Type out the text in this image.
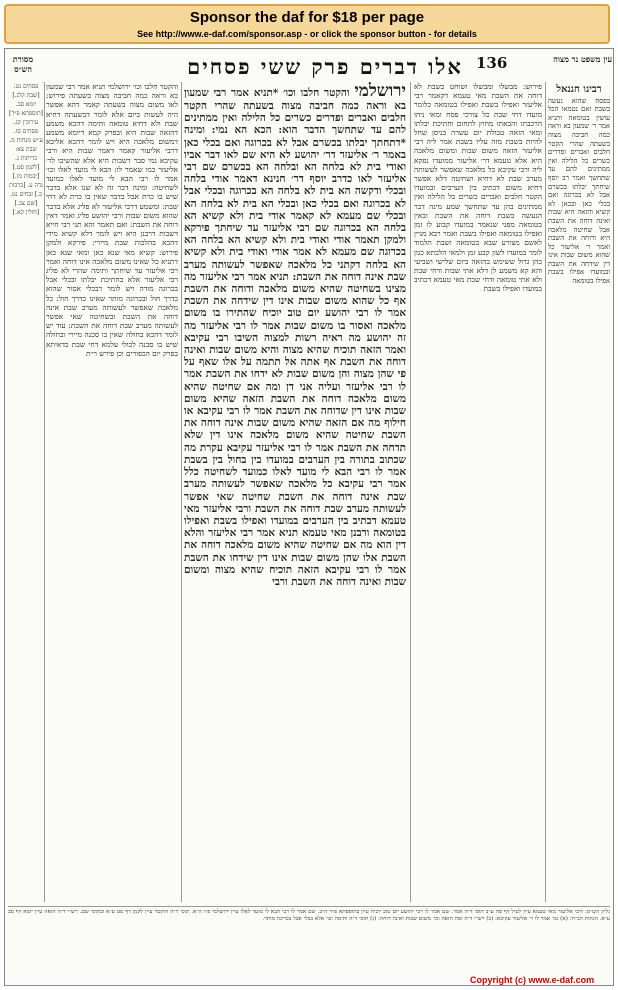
Sponsor the daf for $18 per page
See http://www.e-daf.com/sponsor.asp - or click the sponsor button - for details
עין משפט נר מצוה
136
אלו דברים פרק ששי פסחים
מסורת הש״ס
רבינו חננאל
בפסח שהוא נעשה בשבת ואם נטמאו הכל עושין בטומאה ותניא אמר ר׳ שמעון בא וראה כמה חביבה מצוה בשעתה שהרי הקטר חלבים ואברים ופדרים כשרים כל הלילה ואין ממתינים להם עד שתחשך ואמר רב יוסף שיחתך יבלתו בכשרם אבל לא בכרוגה ואם בכלי כאן ובכאן לא קשיא והזאה היא שבות ואינה דוחה את השבת אבל שחיטה מלאכה היא ודוחה את השבת ואמר ר׳ אליעזר כל שהוא משום שבות אינו דין שידחה את השבת ובמועדו אפילו בשבת אפילו בטומאה
פירוש: מבשלו ומבשלו ושוחט בשבת לא דוחה את השבת מאי טעמא דקאמר רבי אליעזר ואפילו בשבת ואפילו בטומאה כלומר מועדו דחי שבת כל צורכי פסח ומאי ניהו הרכבתו והבאתו מחוץ לתחום וחתיכת יבלתו ומאי הזאה טבולת יום עשרה בניסן שחל להיות בשבת מזה עליו בשבת אמר ליה רבי אליעזר הזאה משום שבות ומשום מלאכה היא אלא טעמא דר׳ אליעזר ממועדו נפקא ליה ורבי עקיבא כל מלאכה שאפשר לעשותה מערב שבת לא דחיא ושחיטה דלא אפשר דחיא משום דכתיב בין הערבים ובמועדו הקטר חלבים ואברים כשרים כל הלילה ואין ממתינים בהן עד שתחשך שמע מינה דבר הנעשה בשבת דוחה את השבת ובאין בטומאה מפני שנאמר במועדו קבוע לו זמן ואפילו בטומאה ואפילו בשבת ואמר רבא מניין לאשם מצורע שבא בטומאה ושבת תלמוד לומר במועדו לשון קבע זמן ולמאי הלכתא כגון כהן גדול ששימש בהזאה ביום שלישי ושביעי והא קא משמע לן דלא אתי שבות ודחי שבת ולא אתי טומאה ודחי שבת מאי טעמא דכתיב במועדו ואפילו בשבת
ירושלמי והקטר חלבו וכו׳ *תניא אמר רבי שמעון בא וראה כמה חביבה מצוה בשעתה שהרי הקטר חלבים ואברים ופדרים כשרים כל הלילה ואין ממתינים להם עד שתחשך הדבר הוא: הכא הא נמי: ומינה *דתחתך יבלתו בכשרם אבל לא בכרוגה ואם בכלי כאן באמר ר׳ אליעזר דר׳ יהושע לא היא שם לאו דבר אביו ואודי בית לא בלחה הא ובלחה הא בכשרם שם רבי אליעזר לאו כדרב יוסף דר׳ חנינא דאמר אודי בלחה ובכלי ודקשה הא בית לא בלחה הא בכרוגה ובכלי אבל לא בכרוגה ואם בכלי כאן ובכלי הא בית לא בלחה הא ובכלי שם מעמא לא קאמר אודי בית ולא קשיא הא בלחה הא בכרוגה שם רבי אליעזר עד שיחתך פירקא ולמקן תאמר אודי ואודי בית ולא קשיא הא בלחה הא בכרוגה שם מעמא לא אמר אודי ואודי בית ולא קשיא הא בלחה דקתני כל מלאכה שאפשר לעשותה מערב שבת אינה דוחה את השבת: תניא אמר רבי אליעזר מה מצינו בשחיטה שהיא משום מלאכה ודוחה את השבת אף כל שהוא משום שבות אינו דין שידחה את השבת אמר לו רבי יהושע יום טוב יוכיח שהתירו בו משום מלאכה ואסור בו משום שבות אמר לו רבי אליעזר מה זה יהושע מה ראיה רשות למצוה השיבו רבי עקיבא ואמר הזאה תוכיח שהיא מצוה והיא משום שבות ואינה דוחה את השבת אף אתה אל תתמה על אלו שאף על פי שהן מצוה והן משום שבות לא ידחו את השבת אמר לו רבי אליעזר ועליה אני דן ומה אם שחיטה שהיא משום מלאכה דוחה את השבת הזאה שהיא משום שבות אינו דין שדוחה את השבת אמר לו רבי עקיבא או חילוף מה אם הזאה שהיא משום שבות אינה דוחה את השבת שחיטה שהיא משום מלאכה אינו דין שלא תדחה את השבת אמר לו רבי אליעזר עקיבא עקרת מה שכתוב בתורה בין הערבים במועדו בין בחול בין בשבת אמר לו רבי הבא לי מועד לאלו כמועד לשחיטה כלל אמר רבי עקיבא כל מלאכה שאפשר לעשותה מערב שבת אינה דוחה את השבת שחיטה שאי אפשר לעשותה מערב שבת דוחה את השבת ורבי אליעזר מאי טעמא דכתיב בין הערבים במועדו ואפילו בשבת ואפילו בטומאה ורבנן מאי טעמא תניא אמר רבי אליעזר והלא דין הוא מה אם שחיטה שהיא משום מלאכה דוחה את השבת אלו שהן משום שבות אינו דין שידחו את השבת אמר לו רבי עקיבא הזאה תוכיח שהיא מצוה ומשום שבות ואינה דוחה את השבת ורבי
והקטר חלבו וכו׳ ירושלמי תניא אמר רבי שמעון בא וראה כמה חביבה מצוה בשעתה פירוש: לאו משום מצוה בשעתה קאמר דהא אפשר היה לעשות ביום אלא לומר דבשעתה דחיא שבת ולא דחיא טומאה ותימה דהכא משמע דהזאה שבות היא ובפרק קמא דיומא משמע דמשום מלאכה היא ויש לומר דהכא אליבא דרבי אליעזר קאמר דאמר שבות היא ורבי עקיבא נמי סבר דשבות היא אלא שהשיבו לר׳ אליעזר כמו שאמר לו: הבא לי מועד לאלו וכו׳ אמר לו רבי הבא לי מועד לאלו כמועד לשחיטה: ומינה דבר זה לא שנו אלא בדבר שיש בו כרת אבל בדבר שאין בו כרת לא דחי שבת: ומשמע דרבי אליעזר לא פליג אלא בדבר שהוא משום שבות ורבי יהושע פליג ואמר דאין דוחה את השבת: ואם תאמר והא תני רבי חייא דשבות דרבנן היא ויש לומר דלא קשיא מידי דהכא בהלכות שבת מיירי: פירקא ולמקן פירוש: קשיא מאי שנא כאן ומאי שנא כאן דתניא כל שאינו משום מלאכה אינו דוחה ואמר רבי אליעזר עד שיחתך ותימה שהרי לא פליג רבי אליעזר אלא בחתיכת יבלתו ובכלי אבל בכרוגה מודה ויש לומר דבכלי אסור שהוא כדרך חול ובכרוגה מותר שאינו כדרך חול: כל מלאכה שאפשר לעשותה מערב שבת אינה דוחה את השבת ובשחיטה שאי אפשר לעשותה מערב שבת דוחה את השבת: עוד יש לומר דהכא בחולה שאין בו סכנה מיירי ובחולה שיש בו סכנה לכולי עלמא דחי שבת כדאיתא בפרק יום הכפורים וכן פירש ר״ת
פסחים נט. [שבת קלג.] יומא סב. [תוספתא פ״ד] עירובין קג. פסחים סו. ע״ש מנחות מ. שבת צא: כריתות ג. [לקמן סט.] [יבמות מו.] נדה ע. [ברכות ב.] זבחים נט. [שם צב.] [חולין קא.]
גליון הש״ס: ורבי אליעזר מאי טעמא עיין לעיל דף סה ע״ב תוס׳ ד״ה אמר. שם אמר לו רבי יהושע יום טוב יוכיח עיין בתוספתא פ״ד ה״ב. שם אמר לו רבי הבא לי מועד לאלו עיין ירושלמי פ״ו ה״א. תוס׳ ד״ה והקטר עיין לקמן דף סט ע״א ובתוס׳ שם. רש״י ד״ה הזאה עיין יומא דף סב ע״א. הגהות הב״ח: (א) גמ׳ אמר לו ר׳ אליעזר עקיבא: (ב) רש״י ד״ה ומה הזאה וכו׳ משום שבות ואינה דוחה: (ג) תוס׳ ד״ה ותימה וכו׳ אלא בכלי אבל בכרוגה מותר.
Copyright (c) www.e-daf.com
